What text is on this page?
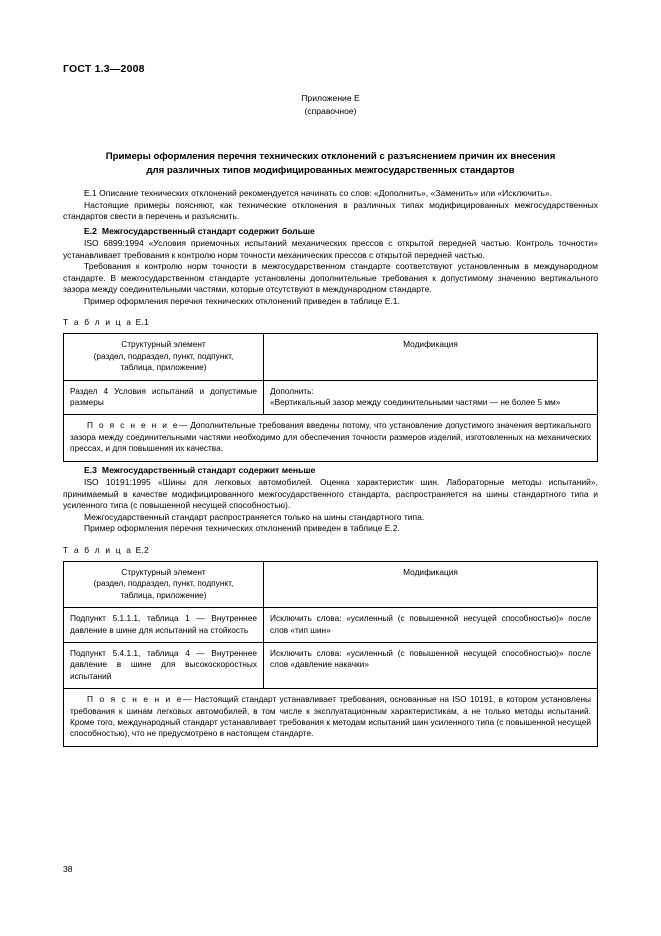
ГОСТ 1.3—2008
Приложение Е
(справочное)
Примеры оформления перечня технических отклонений с разъяснением причин их внесения
для различных типов модифицированных межгосударственных стандартов

Е.1 Описание технических отклонений рекомендуется начинать со слов: «Дополнить», «Заменить» или «Исключить».

Настоящие примеры поясняют, как технические отклонения в различных типах модифицированных межгосударственных стандартов свести в перечень и разъяснить.

Е.2 Межгосударственный стандарт содержит больше

ISO 6899:1994 «Условия приемочных испытаний механических прессов с открытой передней частью. Контроль точности» устанавливает требования к контролю норм точности механических прессов с открытой передней частью.

Требования к контролю норм точности в межгосударственном стандарте соответствуют установленным в международном стандарте. В межгосударственном стандарте установлены дополнительные требования к допустимому значению вертикального зазора между соединительными частями, которые отсутствуют в международном стандарте.

Пример оформления перечня технических отклонений приведен в таблице Е.1.

Т а б л и ц а Е.1

Структурный элемент
(раздел, подраздел, пункт, подпункт,
таблица, приложение)	Модификация
Раздел 4 Условия испытаний и допустимые размеры	Дополнить:
«Вертикальный зазор между соединительными частями — не более 5 мм»

П о я с н е н и е— Дополнительные требования введены потому, что установление допустимого значения вертикального зазора между соединительными частями необходимо для обеспечения точности размеров изделий, изготовленных на механических прессах, и для повышения их качества.	

Е.3 Межгосударственный стандарт содержит меньше

ISO 10191:1995 «Шины для легковых автомобилей. Оценка характеристик шин. Лабораторные методы испытаний», принимаемый в качестве модифицированного межгосударственного стандарта, распространяется на шины стандартного типа и усиленного типа (с повышенной несущей способностью).

Межгосударственный стандарт распространяется только на шины стандартного типа.

Пример оформления перечня технических отклонений приведен в таблице Е.2.

Т а б л и ц а Е.2

Структурный элемент
(раздел, подраздел, пункт, подпункт,
таблица, приложение)	Модификация
Подпункт 5.1.1.1, таблица 1 — Внутреннее давление в шине для испытаний на стойкость	Исключить слова: «усиленный (с повышенной несущей способностью)» после слов «тип шин»
Подпункт 5.4.1.1, таблица 4 — Внутреннее давление в шине для высокоскоростных испытаний	Исключить слова: «усиленный (с повышенной несущей способностью)» после слов «давление накачки»
П о я с н е н и е— Настоящий стандарт устанавливает требования, основанные на ISO 10191, в котором установлены требования к шинам легковых автомобилей, в том числе к эксплуатационным характеристикам, а не только методы испытаний. Кроме того, международный стандарт устанавливает требования к методам испытаний шин усиленного типа (с повышенной несущей способностью), что не предусмотрено в настоящем стандарте.	
38
